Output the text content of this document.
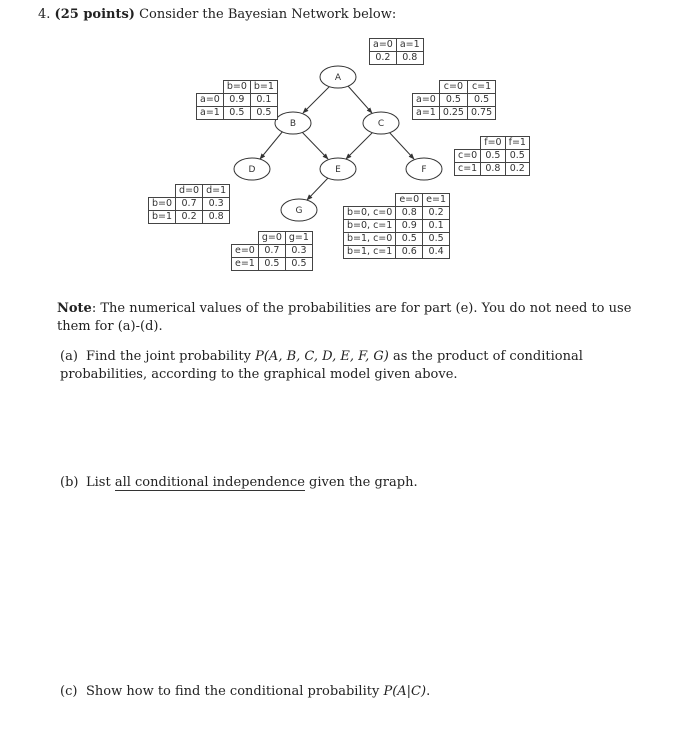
4. (25 points) Consider the Bayesian Network below:
A
B	C
D	E	F
G
a=0	a=1
0.2	0.8
	b=0	b=1
a=0	0.9	0.1
a=1	0.5	0.5
	c=0	c=1
a=0	0.5	0.5
a=1	0.25	0.75
	f=0	f=1
c=0	0.5	0.5
c=1	0.8	0.2
	d=0	d=1
b=0	0.7	0.3
b=1	0.2	0.8
	g=0	g=1
e=0	0.7	0.3
e=1	0.5	0.5
	e=0	e=1
b=0, c=0	0.8	0.2
b=0, c=1	0.9	0.1
b=1, c=0	0.5	0.5
b=1, c=1	0.6	0.4
Note: The numerical values of the probabilities are for part (e). You do not need to use them for (a)-(d).
(a) Find the joint probability P(A, B, C, D, E, F, G) as the product of conditional probabilities, according to the graphical model given above.
(b) List all conditional independence given the graph.
(c) Show how to find the conditional probability P(A|C).
